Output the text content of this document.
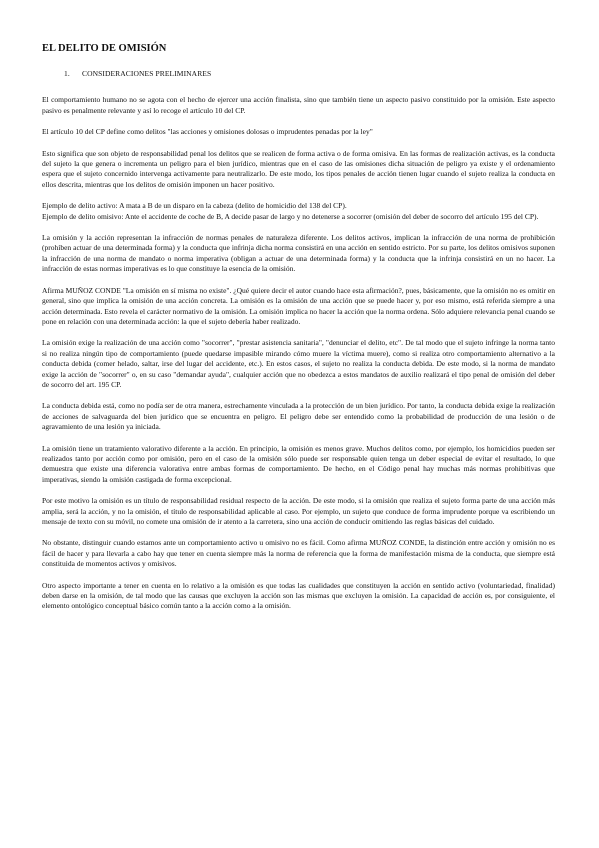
EL DELITO DE OMISIÓN
1. CONSIDERACIONES PRELIMINARES

El comportamiento humano no se agota con el hecho de ejercer una acción finalista, sino que también tiene un aspecto pasivo constituido por la omisión. Este aspecto pasivo es penalmente relevante y así lo recoge el artículo 10 del CP.

El artículo 10 del CP define como delitos "las acciones y omisiones dolosas o imprudentes penadas por la ley"

Esto significa que son objeto de responsabilidad penal los delitos que se realicen de forma activa o de forma omisiva. En las formas de realización activas, es la conducta del sujeto la que genera o incrementa un peligro para el bien jurídico, mientras que en el caso de las omisiones dicha situación de peligro ya existe y el ordenamiento espera que el sujeto concernido intervenga activamente para neutralizarlo. De este modo, los tipos penales de acción tienen lugar cuando el sujeto realiza la conducta en ellos descrita, mientras que los delitos de omisión imponen un hacer positivo.

Ejemplo de delito activo: A mata a B de un disparo en la cabeza (delito de homicidio del 138 del CP).

Ejemplo de delito omisivo: Ante el accidente de coche de B, A decide pasar de largo y no detenerse a socorrer (omisión del deber de socorro del artículo 195 del CP).

La omisión y la acción representan la infracción de normas penales de naturaleza diferente. Los delitos activos, implican la infracción de una norma de prohibición (prohíben actuar de una determinada forma) y la conducta que infrinja dicha norma consistirá en una acción en sentido estricto. Por su parte, los delitos omisivos suponen la infracción de una norma de mandato o norma imperativa (obligan a actuar de una determinada forma) y la conducta que la infrinja consistirá en un no hacer. La infracción de estas normas imperativas es lo que constituye la esencia de la omisión.

Afirma MUÑOZ CONDE "La omisión en sí misma no existe". ¿Qué quiere decir el autor cuando hace esta afirmación?, pues, básicamente, que la omisión no es omitir en general, sino que implica la omisión de una acción concreta. La omisión es la omisión de una acción que se puede hacer y, por eso mismo, está referida siempre a una acción determinada. Esto revela el carácter normativo de la omisión. La omisión implica no hacer la acción que la norma ordena. Sólo adquiere relevancia penal cuando se pone en relación con una determinada acción: la que el sujeto debería haber realizado.

La omisión exige la realización de una acción como "socorrer", "prestar asistencia sanitaria", "denunciar el delito, etc". De tal modo que el sujeto infringe la norma tanto si no realiza ningún tipo de comportamiento (puede quedarse impasible mirando cómo muere la víctima muere), como si realiza otro comportamiento alternativo a la conducta debida (comer helado, saltar, irse del lugar del accidente, etc.). En estos casos, el sujeto no realiza la conducta debida. De este modo, si la norma de mandato exige la acción de "socorrer" o, en su caso "demandar ayuda", cualquier acción que no obedezca a estos mandatos de auxilio realizará el tipo penal de omisión del deber de socorro del art. 195 CP.

La conducta debida está, como no podía ser de otra manera, estrechamente vinculada a la protección de un bien jurídico. Por tanto, la conducta debida exige la realización de acciones de salvaguarda del bien jurídico que se encuentra en peligro. El peligro debe ser entendido como la probabilidad de producción de una lesión o de agravamiento de una lesión ya iniciada.

La omisión tiene un tratamiento valorativo diferente a la acción. En principio, la omisión es menos grave. Muchos delitos como, por ejemplo, los homicidios pueden ser realizados tanto por acción como por omisión, pero en el caso de la omisión sólo puede ser responsable quien tenga un deber especial de evitar el resultado, lo que demuestra que existe una diferencia valorativa entre ambas formas de comportamiento. De hecho, en el Código penal hay muchas más normas prohibitivas que imperativas, siendo la omisión castigada de forma excepcional.

Por este motivo la omisión es un título de responsabilidad residual respecto de la acción. De este modo, si la omisión que realiza el sujeto forma parte de una acción más amplia, será la acción, y no la omisión, el título de responsabilidad aplicable al caso. Por ejemplo, un sujeto que conduce de forma imprudente porque va escribiendo un mensaje de texto con su móvil, no comete una omisión de ir atento a la carretera, sino una acción de conducir omitiendo las reglas básicas del cuidado.

No obstante, distinguir cuando estamos ante un comportamiento activo u omisivo no es fácil. Como afirma MUÑOZ CONDE, la distinción entre acción y omisión no es fácil de hacer y para llevarla a cabo hay que tener en cuenta siempre más la norma de referencia que la forma de manifestación misma de la conducta, que siempre está constituida de momentos activos y omisivos.

Otro aspecto importante a tener en cuenta en lo relativo a la omisión es que todas las cualidades que constituyen la acción en sentido activo (voluntariedad, finalidad) deben darse en la omisión, de tal modo que las causas que excluyen la acción son las mismas que excluyen la omisión. La capacidad de acción es, por consiguiente, el elemento ontológico conceptual básico común tanto a la acción como a la omisión.
